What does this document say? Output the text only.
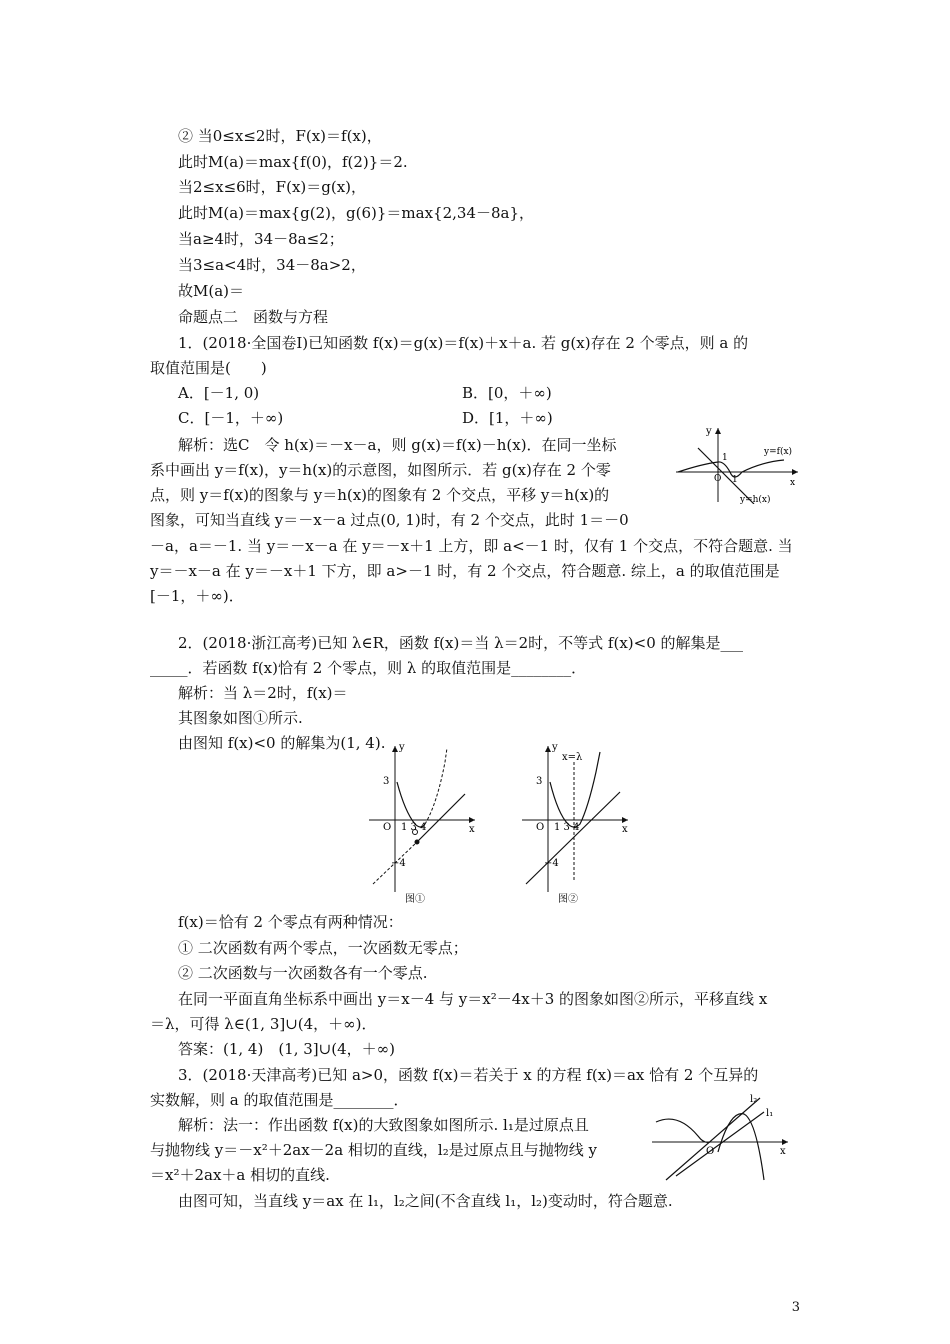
② 当0≤x≤2时，F(x)＝f(x)，
此时M(a)＝max{f(0)，f(2)}＝2.
当2≤x≤6时，F(x)＝g(x)，
此时M(a)＝max{g(2)，g(6)}＝max{2,34－8a}，
当a≥4时，34－8a≤2；
当3≤a<4时，34－8a>2，
故M(a)＝
命题点二　函数与方程
1．(2018·全国卷Ⅰ)已知函数 f(x)＝g(x)＝f(x)＋x＋a. 若 g(x)存在 2 个零点，则 a 的
取值范围是(　　)
A．[－1, 0)	B．[0，＋∞)
C．[－1，＋∞)	D．[1，＋∞)
解析：选C　令 h(x)＝－x－a，则 g(x)＝f(x)－h(x)．在同一坐标
系中画出 y＝f(x)，y＝h(x)的示意图，如图所示．若 g(x)存在 2 个零
点，则 y＝f(x)的图象与 y＝h(x)的图象有 2 个交点，平移 y＝h(x)的
图象，可知当直线 y＝－x－a 过点(0, 1)时，有 2 个交点，此时 1＝－0
－a，a＝－1. 当 y＝－x－a 在 y＝－x＋1 上方，即 a<－1 时，仅有 1 个交点，不符合题意. 当
y＝－x－a 在 y＝－x＋1 下方，即 a>－1 时，有 2 个交点，符合题意. 综上，a 的取值范围是
[－1，＋∞)．
y
1
O 1	x
y=f(x)
y=h(x)
2．(2018·浙江高考)已知 λ∈R，函数 f(x)＝当 λ＝2时，不等式 f(x)<0 的解集是___
_____．若函数 f(x)恰有 2 个零点，则 λ 的取值范围是________．
解析：当 λ＝2时，f(x)＝
其图象如图①所示.
由图知 f(x)<0 的解集为(1, 4). y
3
O 1 3 4	x
−4
图①
y
x=λ
3
O 1 3 4	x
−4
图②
f(x)＝恰有 2 个零点有两种情况：
① 二次函数有两个零点，一次函数无零点；
② 二次函数与一次函数各有一个零点.
在同一平面直角坐标系中画出 y＝x－4 与 y＝x²－4x＋3 的图象如图②所示，平移直线 x
＝λ，可得 λ∈(1, 3]∪(4，＋∞)．
答案：(1, 4)　(1, 3]∪(4，＋∞)
3．(2018·天津高考)已知 a>0，函数 f(x)＝若关于 x 的方程 f(x)＝ax 恰有 2 个互异的
实数解，则 a 的取值范围是________．
解析：法一：作出函数 f(x)的大致图象如图所示. l₁是过原点且
与抛物线 y＝－x²＋2ax－2a 相切的直线，l₂是过原点且与抛物线 y
＝x²＋2ax＋a 相切的直线.
由图可知，当直线 y＝ax 在 l₁，l₂之间(不含直线 l₁，l₂)变动时，符合题意.
l₂
l₁
O	x
3
